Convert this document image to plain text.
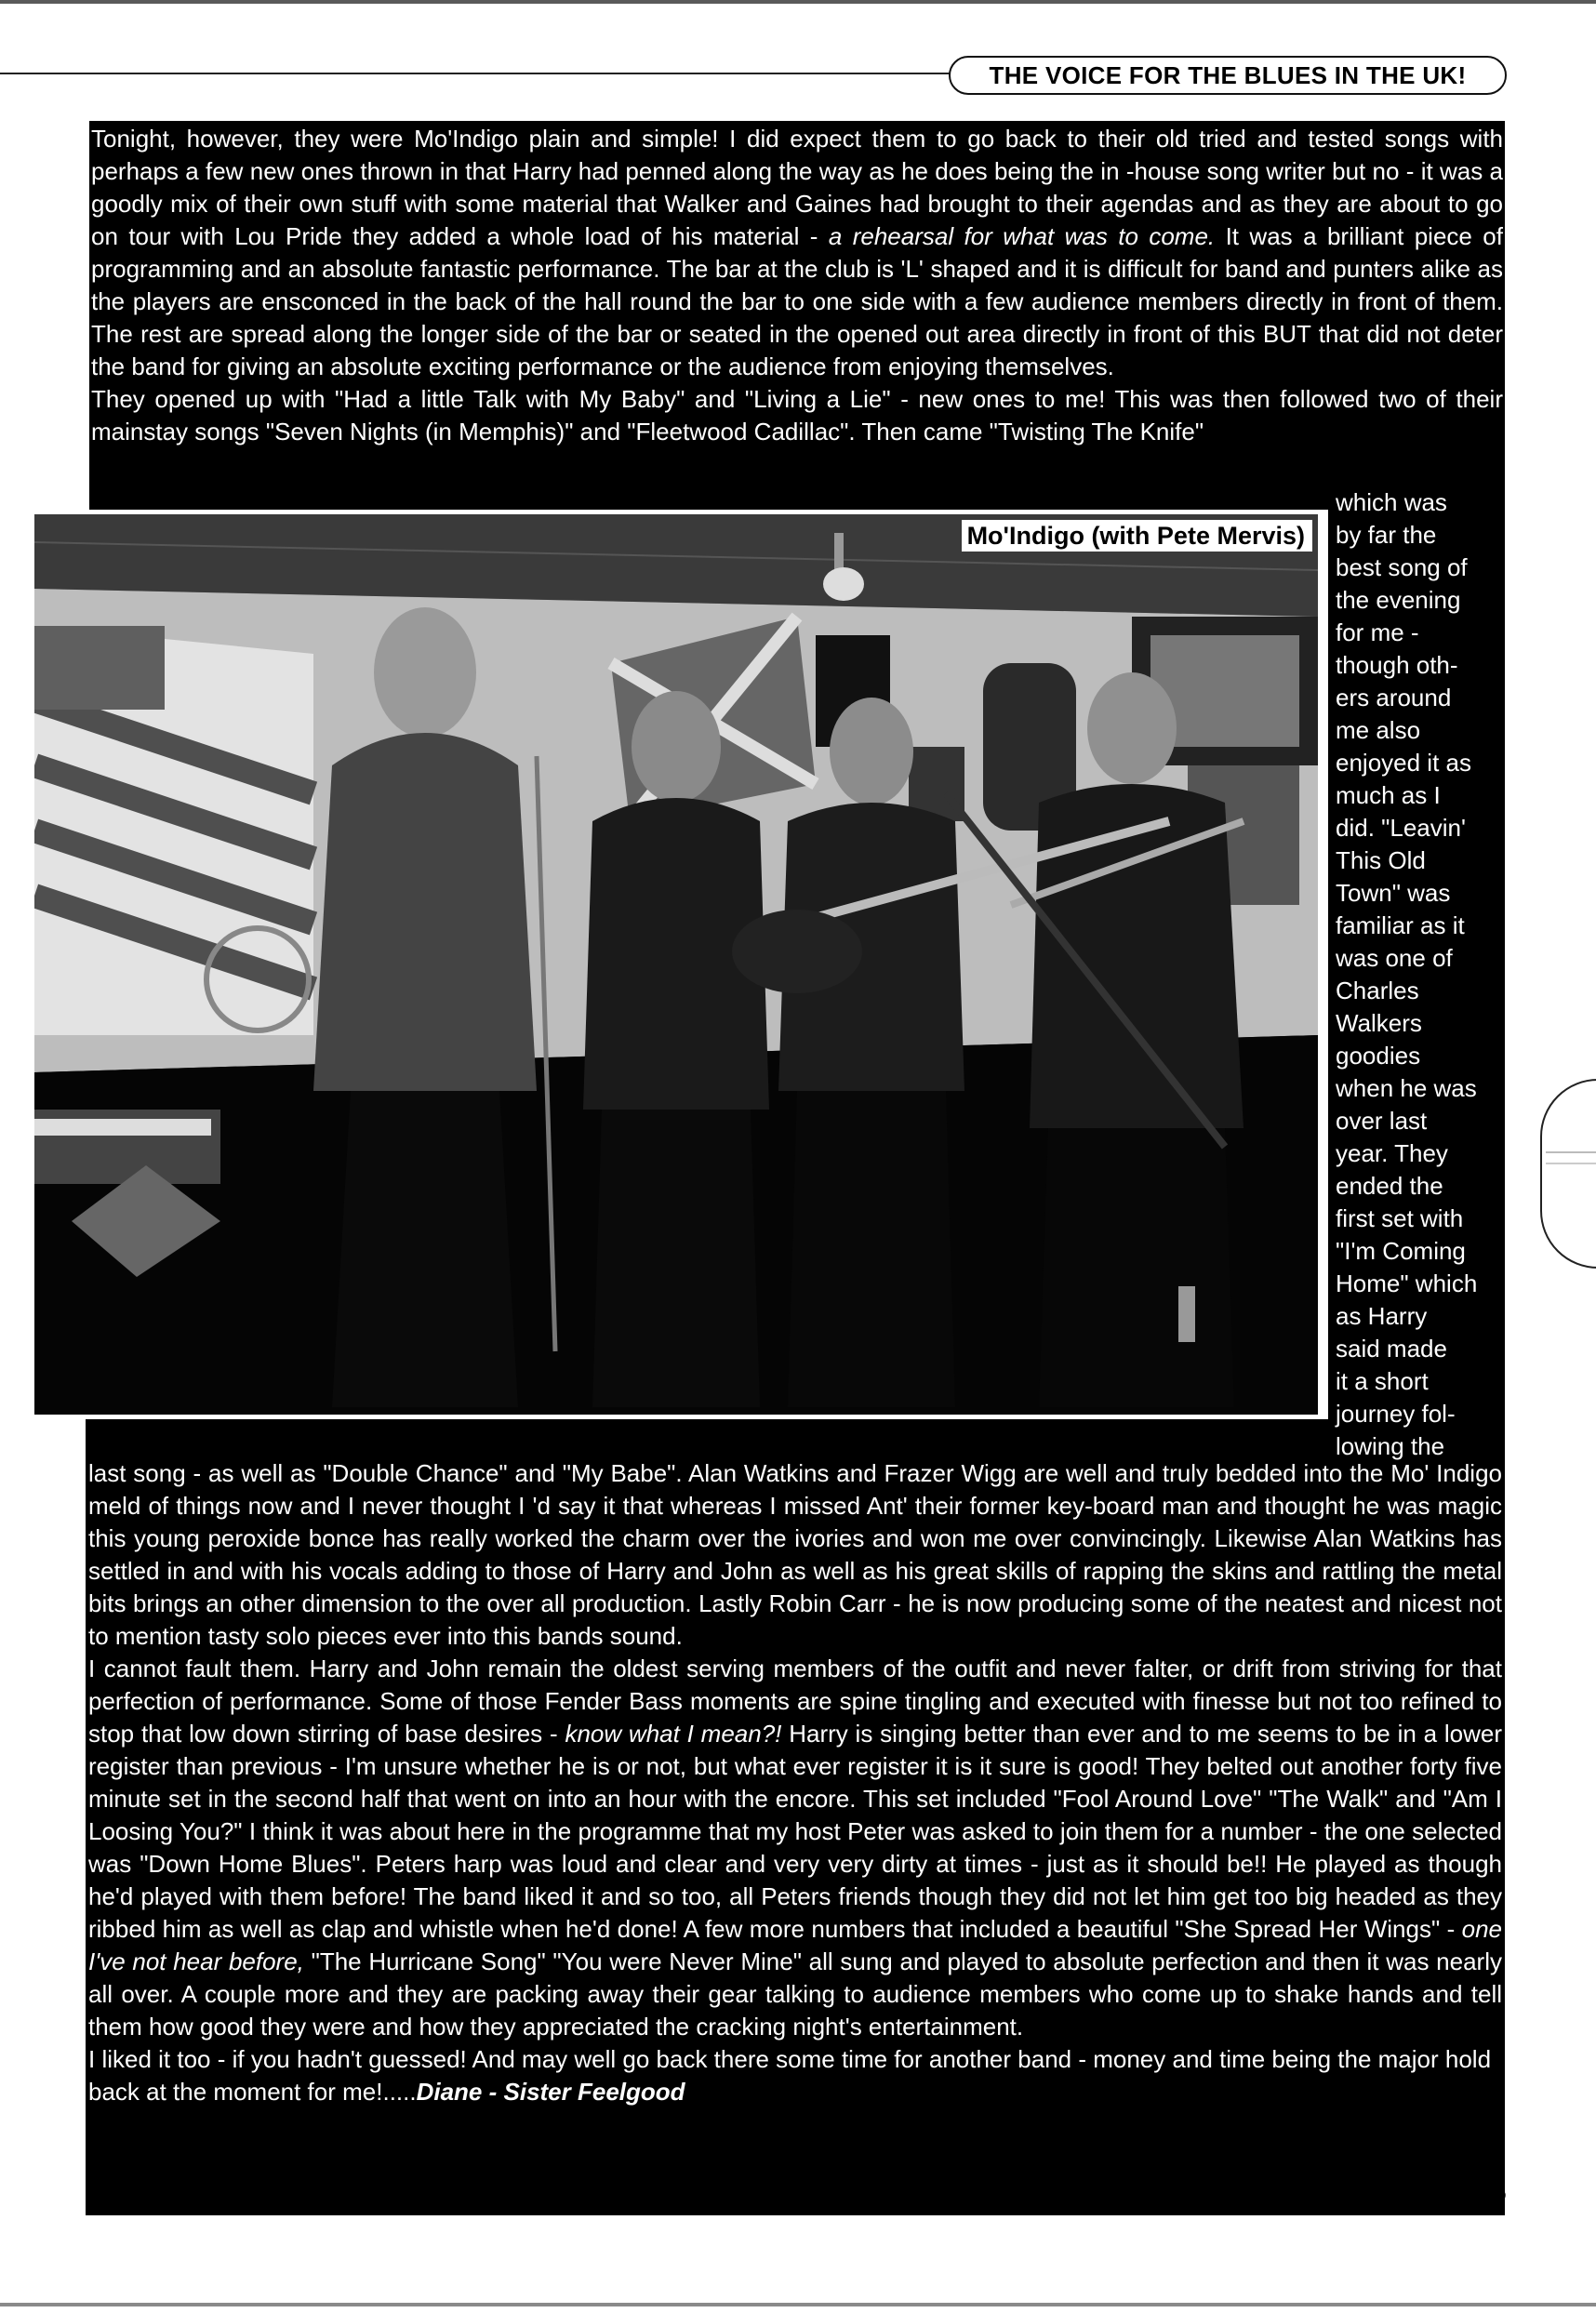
THE VOICE FOR THE BLUES IN THE UK!

Tonight, however, they were Mo'Indigo plain and simple! I did expect them to go back to their old tried and tested songs with perhaps a few new ones thrown in that Harry had penned along the way as he does being the in -house song writer but no - it was a goodly mix of their own stuff with some material that Walker and Gaines had brought to their agendas and as they are about to go on tour with Lou Pride they added a whole load of his material - a rehearsal for what was to come. It was a brilliant piece of programming and an absolute fantastic performance. The bar at the club is 'L' shaped and it is difficult for band and punters alike as the players are ensconced in the back of the hall round the bar to one side with a few audience members directly in front of them. The rest are spread along the longer side of the bar or seated in the opened out area directly in front of this BUT that did not deter the band for giving an absolute exciting performance or the audience from enjoying themselves.

They opened up with "Had a little Talk with My Baby" and "Living a Lie" - new ones to me! This was then followed two of their mainstay songs "Seven Nights (in Memphis)" and "Fleetwood Cadillac". Then came "Twisting The Knife"

which was
by far the
best song of
the evening
for me -
though oth-
ers around
me also
enjoyed it as
much as I
did. "Leavin'
This Old
Town" was
familiar as it
was one of
Charles
Walkers
goodies
when he was
over last
year. They
ended the
first set with
"I'm Coming
Home" which
as Harry
said made
it a short
journey fol-
lowing the
Mo'Indigo (with Pete Mervis)

last song - as well as "Double Chance" and "My Babe". Alan Watkins and Frazer Wigg are well and truly bedded into the Mo' Indigo meld of things now and I never thought I 'd say it that whereas I missed Ant' their former key-board man and thought he was magic this young peroxide bonce has really worked the charm over the ivories and won me over convincingly. Likewise Alan Watkins has settled in and with his vocals adding to those of Harry and John as well as his great skills of rapping the skins and rattling the metal bits brings an other dimension to the over all production. Lastly Robin Carr - he is now producing some of the neatest and nicest not to mention tasty solo pieces ever into this bands sound.

I cannot fault them. Harry and John remain the oldest serving members of the outfit and never falter, or drift from striving for that perfection of performance. Some of those Fender Bass moments are spine tingling and executed with finesse but not too refined to stop that low down stirring of base desires - know what I mean?! Harry is singing better than ever and to me seems to be in a lower register than previous - I'm unsure whether he is or not, but what ever register it is it sure is good! They belted out another forty five minute set in the second half that went on into an hour with the encore. This set included "Fool Around Love" "The Walk" and "Am I Loosing You?" I think it was about here in the programme that my host Peter was asked to join them for a number - the one selected was "Down Home Blues". Peters harp was loud and clear and very very dirty at times - just as it should be!! He played as though he'd played with them before! The band liked it and so too, all Peters friends though they did not let him get too big headed as they ribbed him as well as clap and whistle when he'd done! A few more numbers that included a beautiful "She Spread Her Wings" - one I've not hear before, "The Hurricane Song" "You were Never Mine" all sung and played to absolute perfection and then it was nearly all over. A couple more and they are packing away their gear talking to audience members who come up to shake hands and tell them how good they were and how they appreciated the cracking night's entertainment.

I liked it too - if you hadn't guessed! And may well go back there some time for another band - money and time being the major hold back at the moment for me!.....Diane - Sister Feelgood

‘Blues Matters!’ page 95
